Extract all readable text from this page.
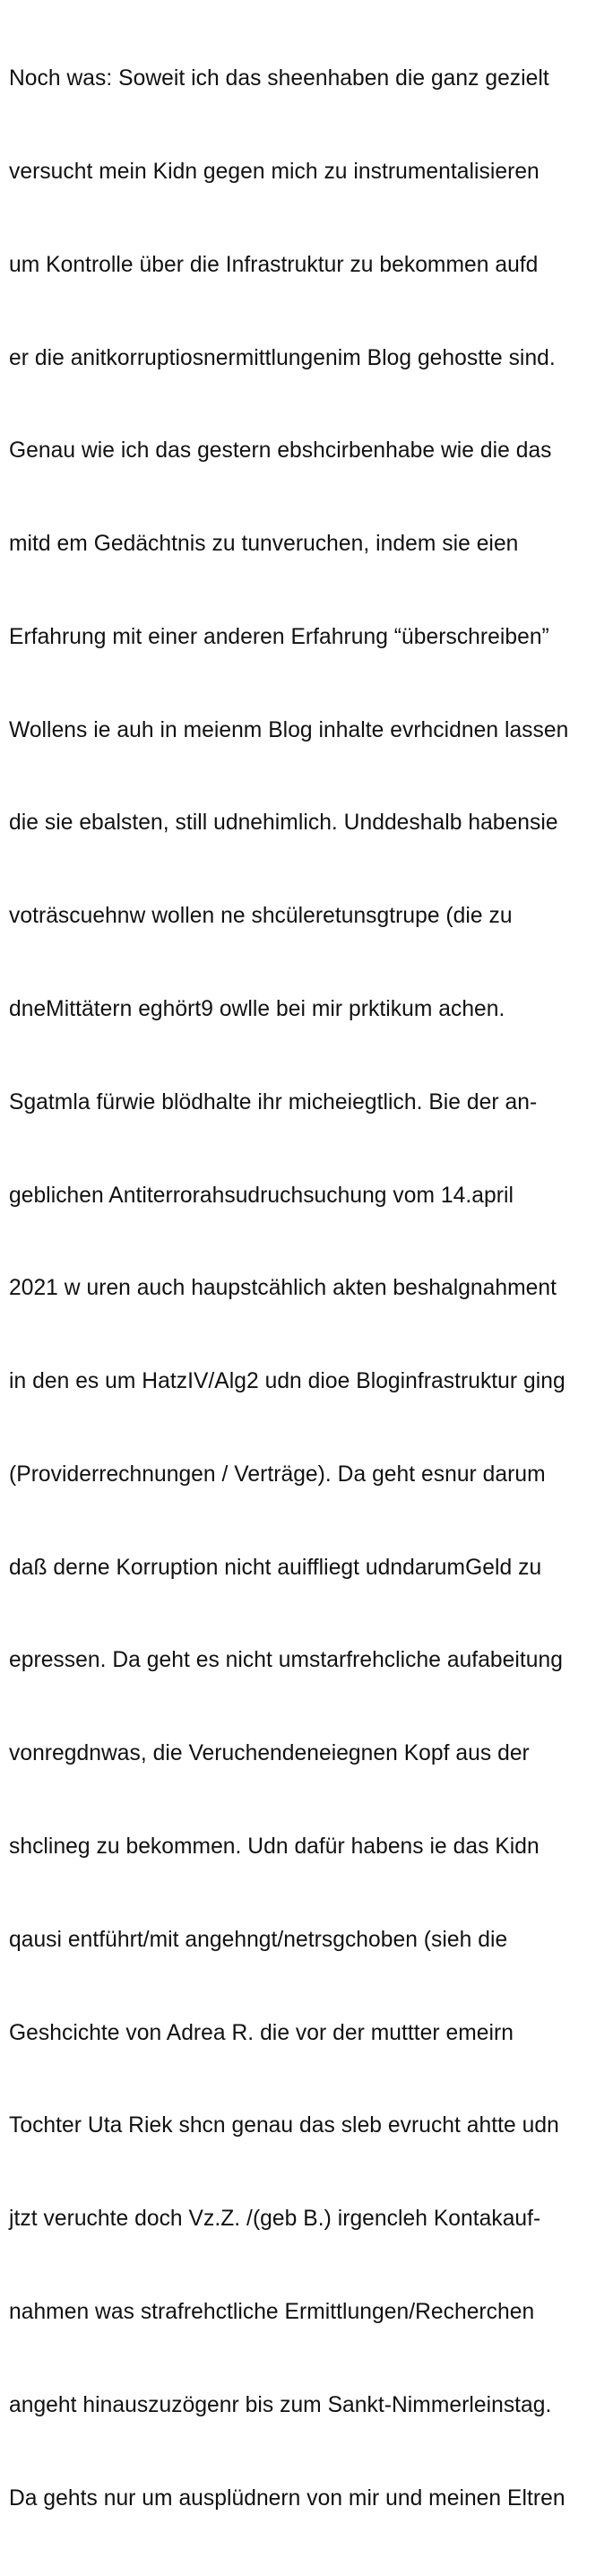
Noch was: Soweit ich das sheenhaben die ganz gezielt

versucht mein Kidn gegen mich zu instrumentalisieren

um Kontrolle über die Infrastruktur zu bekommen aufd

er die anitkorruptiosnermittlungenim Blog gehostte sind.

Genau wie ich das gestern ebshcirbenhabe wie die das

mitd em Gedächtnis zu tunveruchen, indem sie eien

Erfahrung mit einer anderen Erfahrung “überschreiben”

Wollens ie auh in meienm Blog inhalte evrhcidnen lassen

die sie ebalsten, still udnehimlich. Unddeshalb habensie

voträscuehnw wollen ne shcüleretunsgtrupe (die zu

dneMittätern eghört9 owlle bei mir prktikum achen.

Sgatmla fürwie blödhalte ihr micheiegtlich. Bie der an-

geblichen Antiterrorahsudruchsuchung vom 14.april

2021 w uren auch haupstcählich akten beshalgnahment

in den es um HatzIV/Alg2 udn dioe Bloginfrastruktur ging

(Providerrechnungen / Verträge). Da geht esnur darum

daß derne Korruption nicht auiffliegt udndarumGeld zu

epressen. Da geht es nicht umstarfrehcliche aufabeitung

vonregdnwas, die Veruchendeneiegnen Kopf aus der

shclineg zu bekommen. Udn dafür habens ie das Kidn

qausi entführt/mit angehngt/netrsgchoben (sieh die

Geshcichte von Adrea R. die vor der muttter emeirn

Tochter Uta Riek shcn genau das sleb evrucht ahtte udn

jtzt veruchte doch Vz.Z. /(geb B.) irgencleh Kontakauf-

nahmen was strafrehctliche Ermittlungen/Recherchen

angeht hinauszuzögenr bis zum Sankt-Nimmerleinstag.

Da gehts nur um ausplüdnern von mir und meinen Eltren
